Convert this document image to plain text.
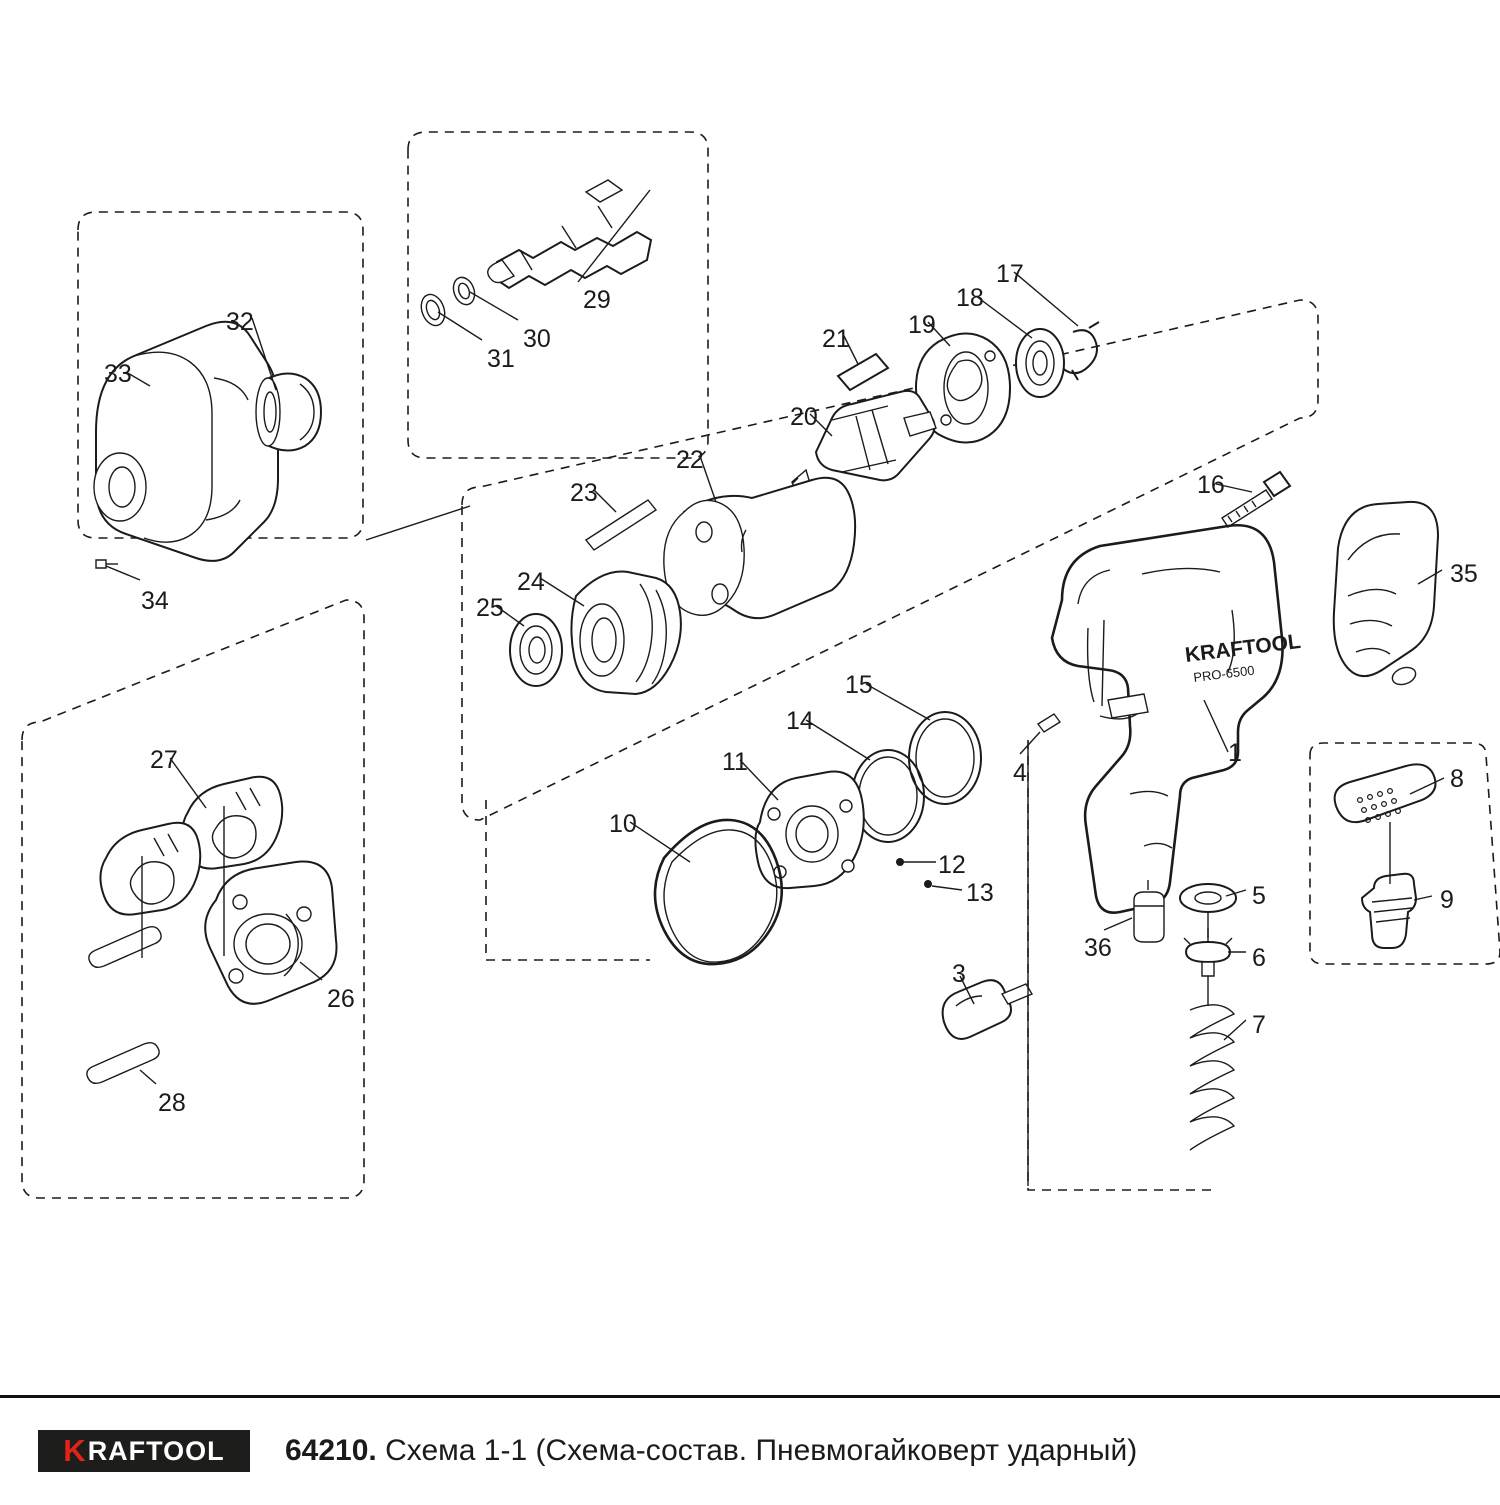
KRAFTOOL
PRO-6500
1
3
4
5
6
7
8
9
10
11
12
13
14
15
16
17
18
19
20
21
22
23
24
25
26
27
28
29
30
31
32
33
34
35
36
K RAFTOOL 64210. Схема 1-1 (Схема-состав. Пневмогайковерт ударный)
